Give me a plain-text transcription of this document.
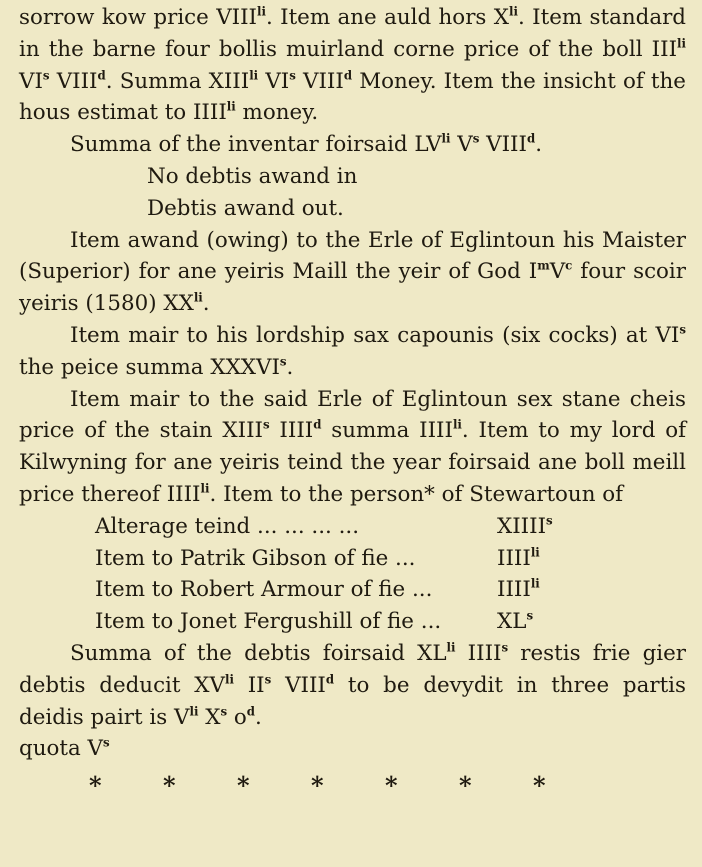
sorrow kow price $VIII^{li}$. Item ane auld hors $X^{li}$. Item standard in the barne four bollis muirland corne price of the boll $III^{li}$ $VI^s$ VIII$^d$. Summa $XIII^{li}$ $VI^s$ VIII$^d$ Money. Item the insicht of the hous estimat to $IIII^{li}$ money.

Summa of the inventar foirsaid $LV^{li}$ $V^s$ VIII$^d$.

No debtis awand in

Debtis awand out.

Item awand (owing) to the Erle of Eglintoun his Maister (Superior) for ane yeiris Maill the yeir of God $I^mV^c$ four scoir yeiris (1580) $XX^{li}$.

Item mair to his lordship sax capounis (six cocks) at $VI^s$ the peice summa XXXVI$^s$.

Item mair to the said Erle of Eglintoun sex stane cheis price of the stain XIII$^s$ IIII$^d$ summa $IIII^{li}$. Item to my lord of Kilwyning for ane yeiris teind the year foirsaid ane boll meill price thereof $IIII^{li}$. Item to the person* of Stewartoun of

Alterage teind ... ... ... ...	XIIII$^s$
Item to Patrik Gibson of fie ...	$IIII^{li}$
Item to Robert Armour of fie ...	$IIII^{li}$
Item to Jonet Fergushill of fie ...	$XL^s$

Summa of the debtis foirsaid $XL^{li}$ IIII$^s$ restis frie gier debtis deducit $XV^{li}$ $II^s$ VIII$^d$ to be devydit in three partis deidis pairt is $V^{li}$ $X^s$ $o^d$.

quota $V^s$

*	*	*	*	*	*	*
